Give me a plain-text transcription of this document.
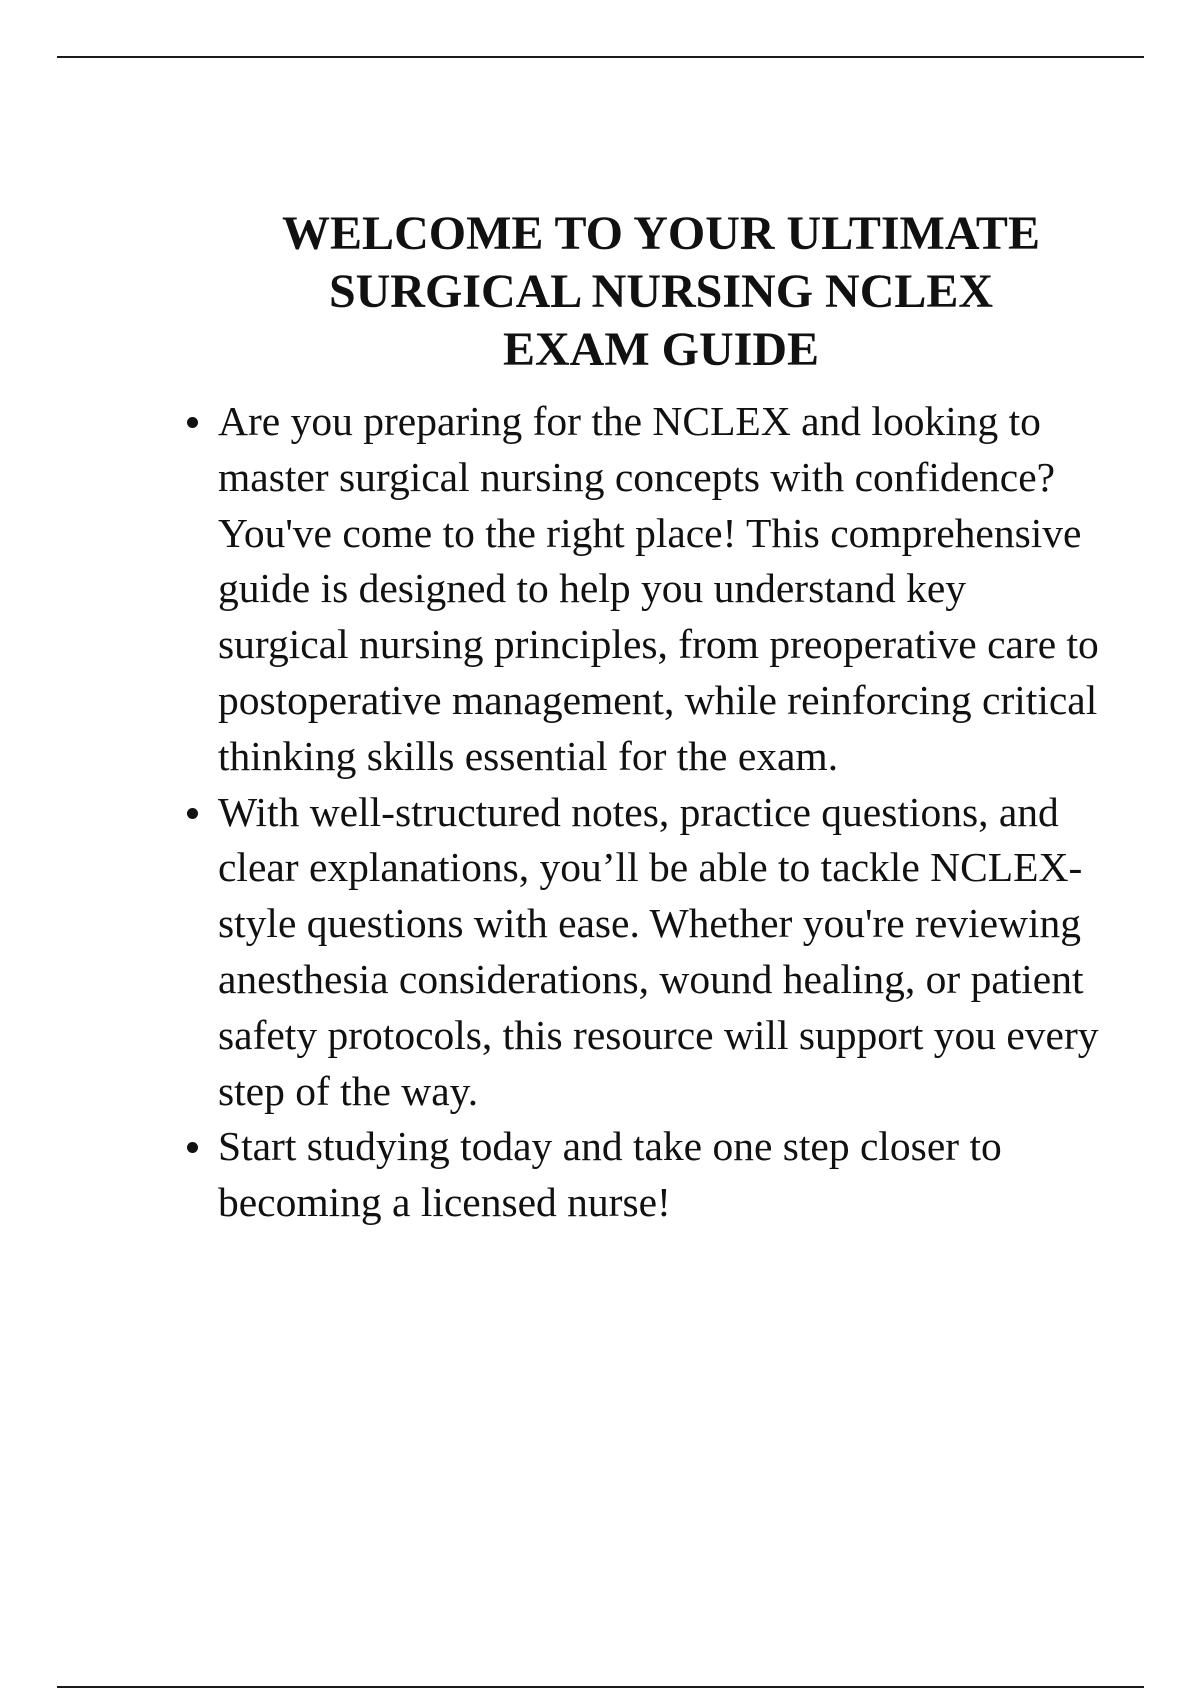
WELCOME TO YOUR ULTIMATE
SURGICAL NURSING NCLEX
EXAM GUIDE
Are you preparing for the NCLEX and looking to master surgical nursing concepts with confidence? You've come to the right place! This comprehensive guide is designed to help you understand key surgical nursing principles, from preoperative care to postoperative management, while reinforcing critical thinking skills essential for the exam.
With well-structured notes, practice questions, and clear explanations, you’ll be able to tackle NCLEX-style questions with ease. Whether you're reviewing anesthesia considerations, wound healing, or patient safety protocols, this resource will support you every step of the way.
Start studying today and take one step closer to becoming a licensed nurse!
